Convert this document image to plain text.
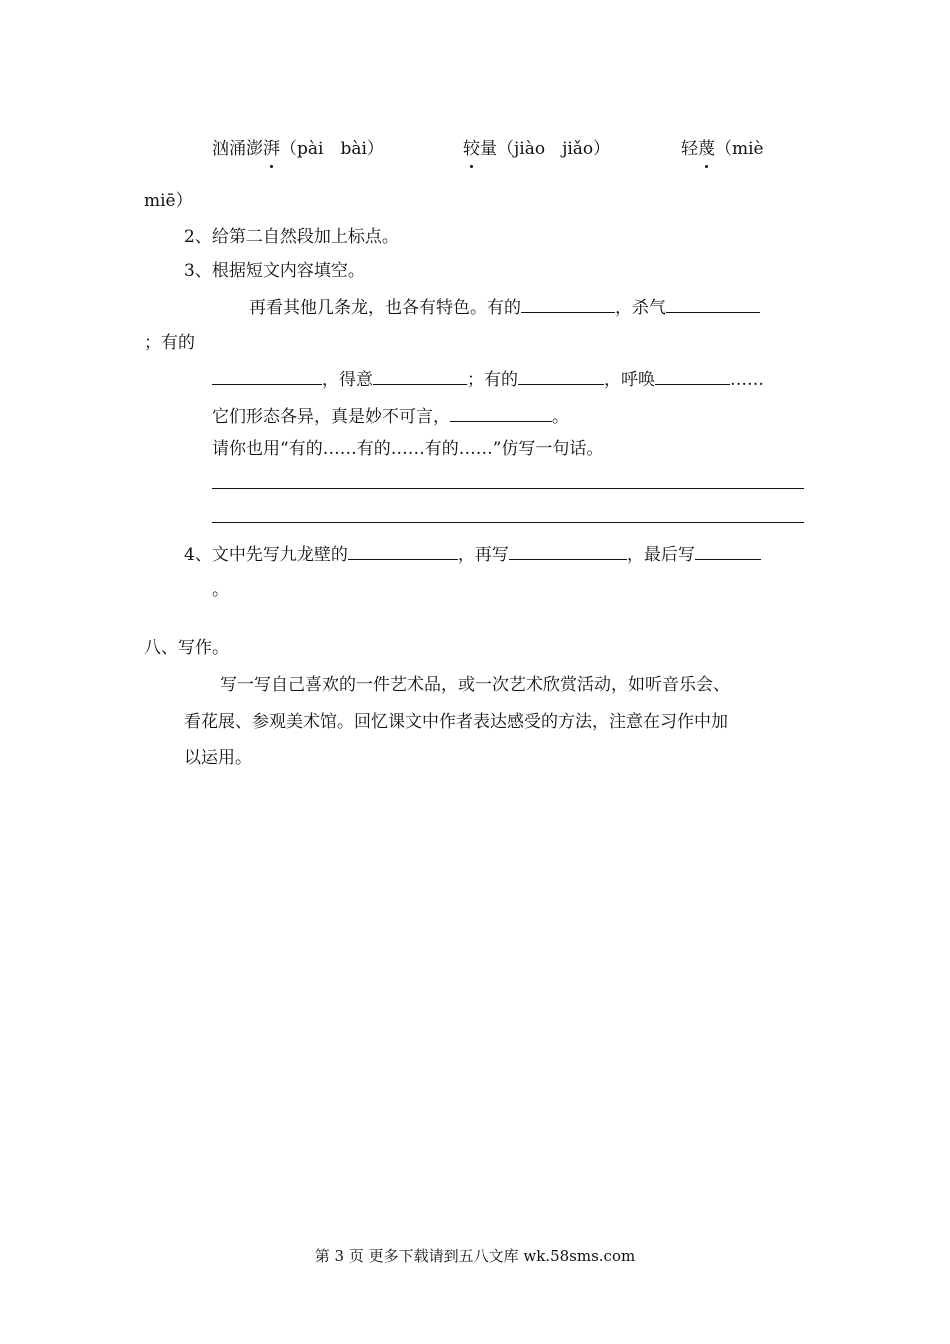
汹涌澎湃（pài　bài）	较量（jiào　jiǎo）	轻蔑（miè
miē）
2、给第二自然段加上标点。
3、根据短文内容填空。
再看其他几条龙，也各有特色。有的	，杀气
；有的
，得意	；有的	，呼唤	……
它们形态各异，真是妙不可言，	。
请你也用“有的……有的……有的……”仿写一句话。
4、文中先写九龙壁的	，再写	，最后写
。
八、写作。
写一写自己喜欢的一件艺术品，或一次艺术欣赏活动，如听音乐会、
看花展、参观美术馆。回忆课文中作者表达感受的方法，注意在习作中加
以运用。
第 3 页 更多下载请到五八文库 wk.58sms.com
